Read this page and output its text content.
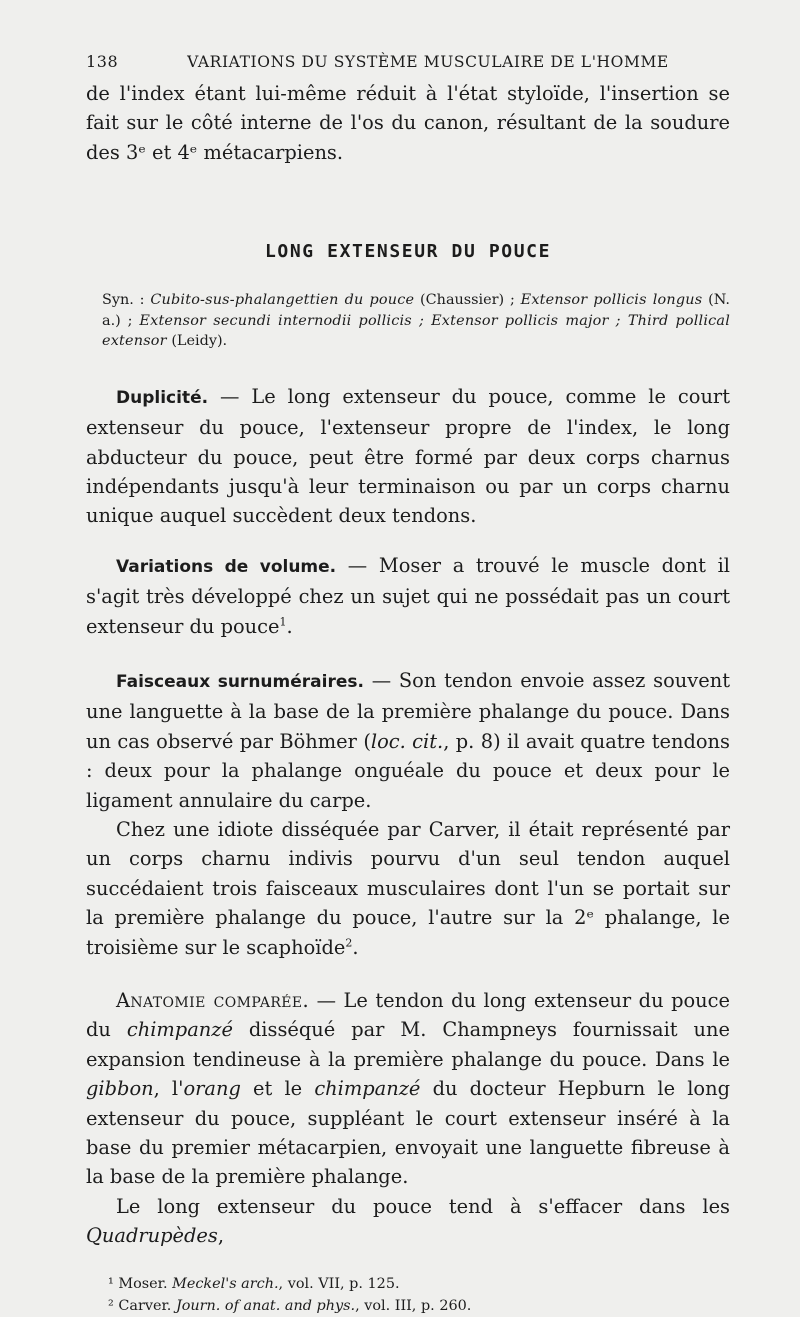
138	VARIATIONS DU SYSTÈME MUSCULAIRE DE L'HOMME

de l'index étant lui-même réduit à l'état styloïde, l'insertion se fait sur le côté interne de l'os du canon, résultant de la soudure des 3ᵉ et 4ᵉ métacarpiens.

LONG EXTENSEUR DU POUCE

Syn. : Cubito-sus-phalangettien du pouce (Chaussier) ; Extensor pollicis longus (N. a.) ; Extensor secundi internodii pollicis ; Extensor pollicis major ; Third pollical extensor (Leidy).

Duplicité. — Le long extenseur du pouce, comme le court extenseur du pouce, l'extenseur propre de l'index, le long abducteur du pouce, peut être formé par deux corps charnus indépendants jusqu'à leur terminaison ou par un corps charnu unique auquel succèdent deux tendons.

Variations de volume. — Moser a trouvé le muscle dont il s'agit très développé chez un sujet qui ne possédait pas un court extenseur du pouce$^1$.

Faisceaux surnuméraires. — Son tendon envoie assez souvent une languette à la base de la première phalange du pouce. Dans un cas observé par Böhmer (loc. cit., p. 8) il avait quatre tendons : deux pour la phalange onguéale du pouce et deux pour le ligament annulaire du carpe.

Chez une idiote disséquée par Carver, il était représenté par un corps charnu indivis pourvu d'un seul tendon auquel succédaient trois faisceaux musculaires dont l'un se portait sur la première phalange du pouce, l'autre sur la 2ᵉ phalange, le troisième sur le scaphoïde$^2$.

Anatomie comparée. — Le tendon du long extenseur du pouce du chimpanzé disséqué par M. Champneys fournissait une expansion tendineuse à la première phalange du pouce. Dans le gibbon, l'orang et le chimpanzé du docteur Hepburn le long extenseur du pouce, suppléant le court extenseur inséré à la base du premier métacarpien, envoyait une languette fibreuse à la base de la première phalange.

Le long extenseur du pouce tend à s'effacer dans les Quadrupèdes,

¹ Moser. Meckel's arch., vol. VII, p. 125.
² Carver. Journ. of anat. and phys., vol. III, p. 260.
